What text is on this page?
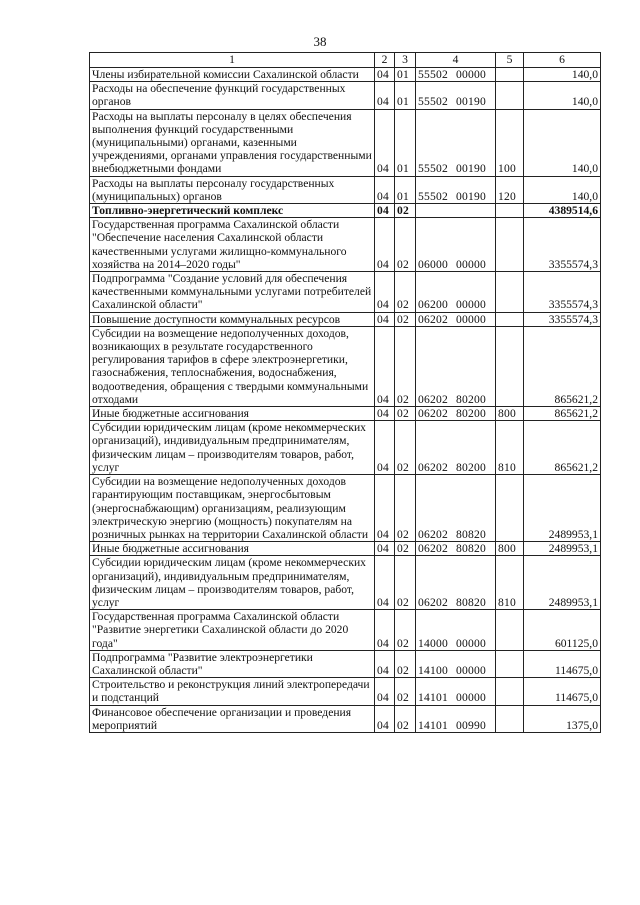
38
1	2	3	4	5	6
Члены избирательной комиссии Сахалинской области	04	01	55502 00000		140,0
Расходы на обеспечение функций государственных органов	04	01	55502 00190		140,0
Расходы на выплаты персоналу в целях обеспечения выполнения функций государственными (муниципальными) органами, казенными учреждениями, органами управления государственными внебюджетными фондами	04	01	55502 00190	100	140,0
Расходы на выплаты персоналу государственных (муниципальных) органов	04	01	55502 00190	120	140,0
Топливно-энергетический комплекс	04	02			4389514,6
Государственная программа Сахалинской области "Обеспечение населения Сахалинской области качественными услугами жилищно-коммунального хозяйства на 2014–2020 годы"	04	02	06000 00000		3355574,3
Подпрограмма "Создание условий для обеспечения качественными коммунальными услугами потребителей Сахалинской области"	04	02	06200 00000		3355574,3
Повышение доступности коммунальных ресурсов	04	02	06202 00000		3355574,3
Субсидии на возмещение недополученных доходов, возникающих в результате государственного регулирования тарифов в сфере электроэнергетики, газоснабжения, теплоснабжения, водоснабжения, водоотведения, обращения с твердыми коммунальными отходами	04	02	06202 80200		865621,2
Иные бюджетные ассигнования	04	02	06202 80200	800	865621,2
Субсидии юридическим лицам (кроме некоммерческих организаций), индивидуальным предпринимателям, физическим лицам – производителям товаров, работ, услуг	04	02	06202 80200	810	865621,2
Субсидии на возмещение недополученных доходов гарантирующим поставщикам, энергосбытовым (энергоснабжающим) организациям, реализующим электрическую энергию (мощность) покупателям на розничных рынках на территории Сахалинской области	04	02	06202 80820		2489953,1
Иные бюджетные ассигнования	04	02	06202 80820	800	2489953,1
Субсидии юридическим лицам (кроме некоммерческих организаций), индивидуальным предпринимателям, физическим лицам – производителям товаров, работ, услуг	04	02	06202 80820	810	2489953,1
Государственная программа Сахалинской области "Развитие энергетики Сахалинской области до 2020 года"	04	02	14000 00000		601125,0
Подпрограмма "Развитие электроэнергетики Сахалинской области"	04	02	14100 00000		114675,0
Строительство и реконструкция линий электропередачи и подстанций	04	02	14101 00000		114675,0
Финансовое обеспечение организации и проведения мероприятий	04	02	14101 00990		1375,0
